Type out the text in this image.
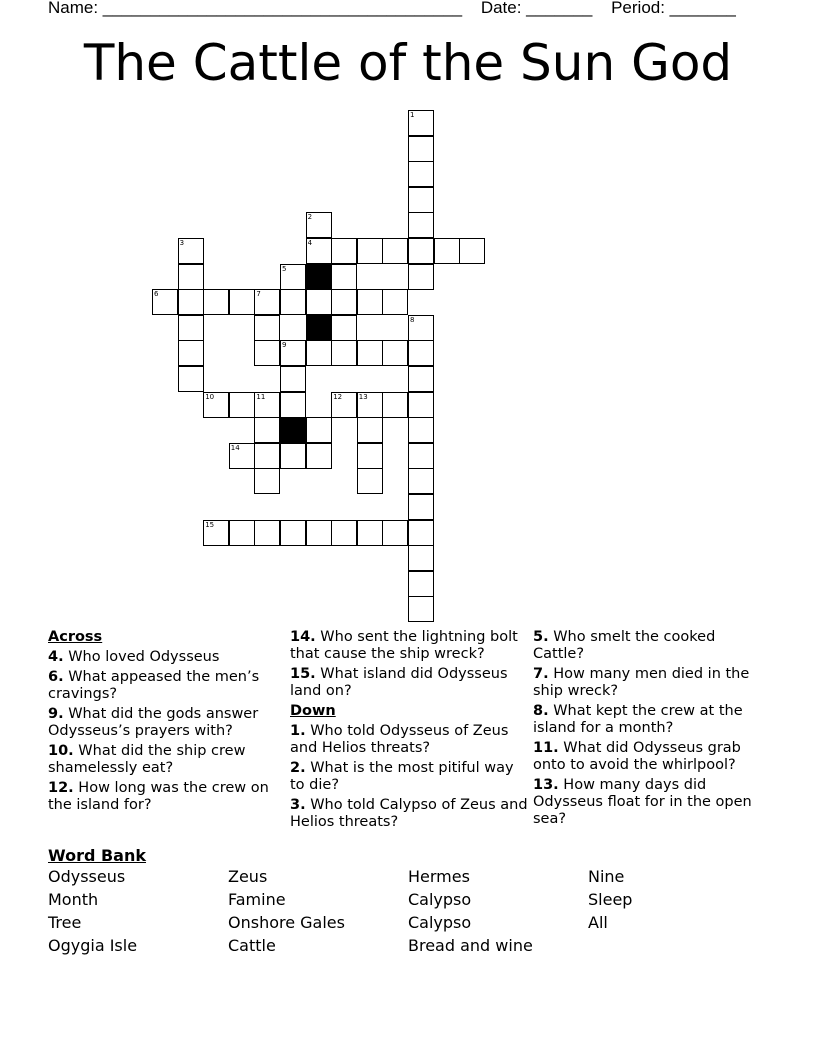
Name: ______________________________________ Date: _______ Period: _______
The Cattle of the Sun God
1
2
3	4
5
6	7
8
9
10	11	12 13
14
15
Across
4. Who loved Odysseus
6. What appeased the men’s cravings?
9. What did the gods answer Odysseus’s prayers with?
10. What did the ship crew shamelessly eat?
12. How long was the crew on the island for?
14. Who sent the lightning bolt that cause the ship wreck?
15. What island did Odysseus land on?
Down
1. Who told Odysseus of Zeus and Helios threats?
2. What is the most pitiful way to die?
3. Who told Calypso of Zeus and Helios threats?
5. Who smelt the cooked Cattle?
7. How many men died in the ship wreck?
8. What kept the crew at the island for a month?
11. What did Odysseus grab onto to avoid the whirlpool?
13. How many days did Odysseus float for in the open sea?
Word Bank
Odysseus	Zeus	Hermes	Nine
Month	Famine	Calypso	Sleep
Tree	Onshore Gales	Calypso	All
Ogygia Isle	Cattle	Bread and wine
